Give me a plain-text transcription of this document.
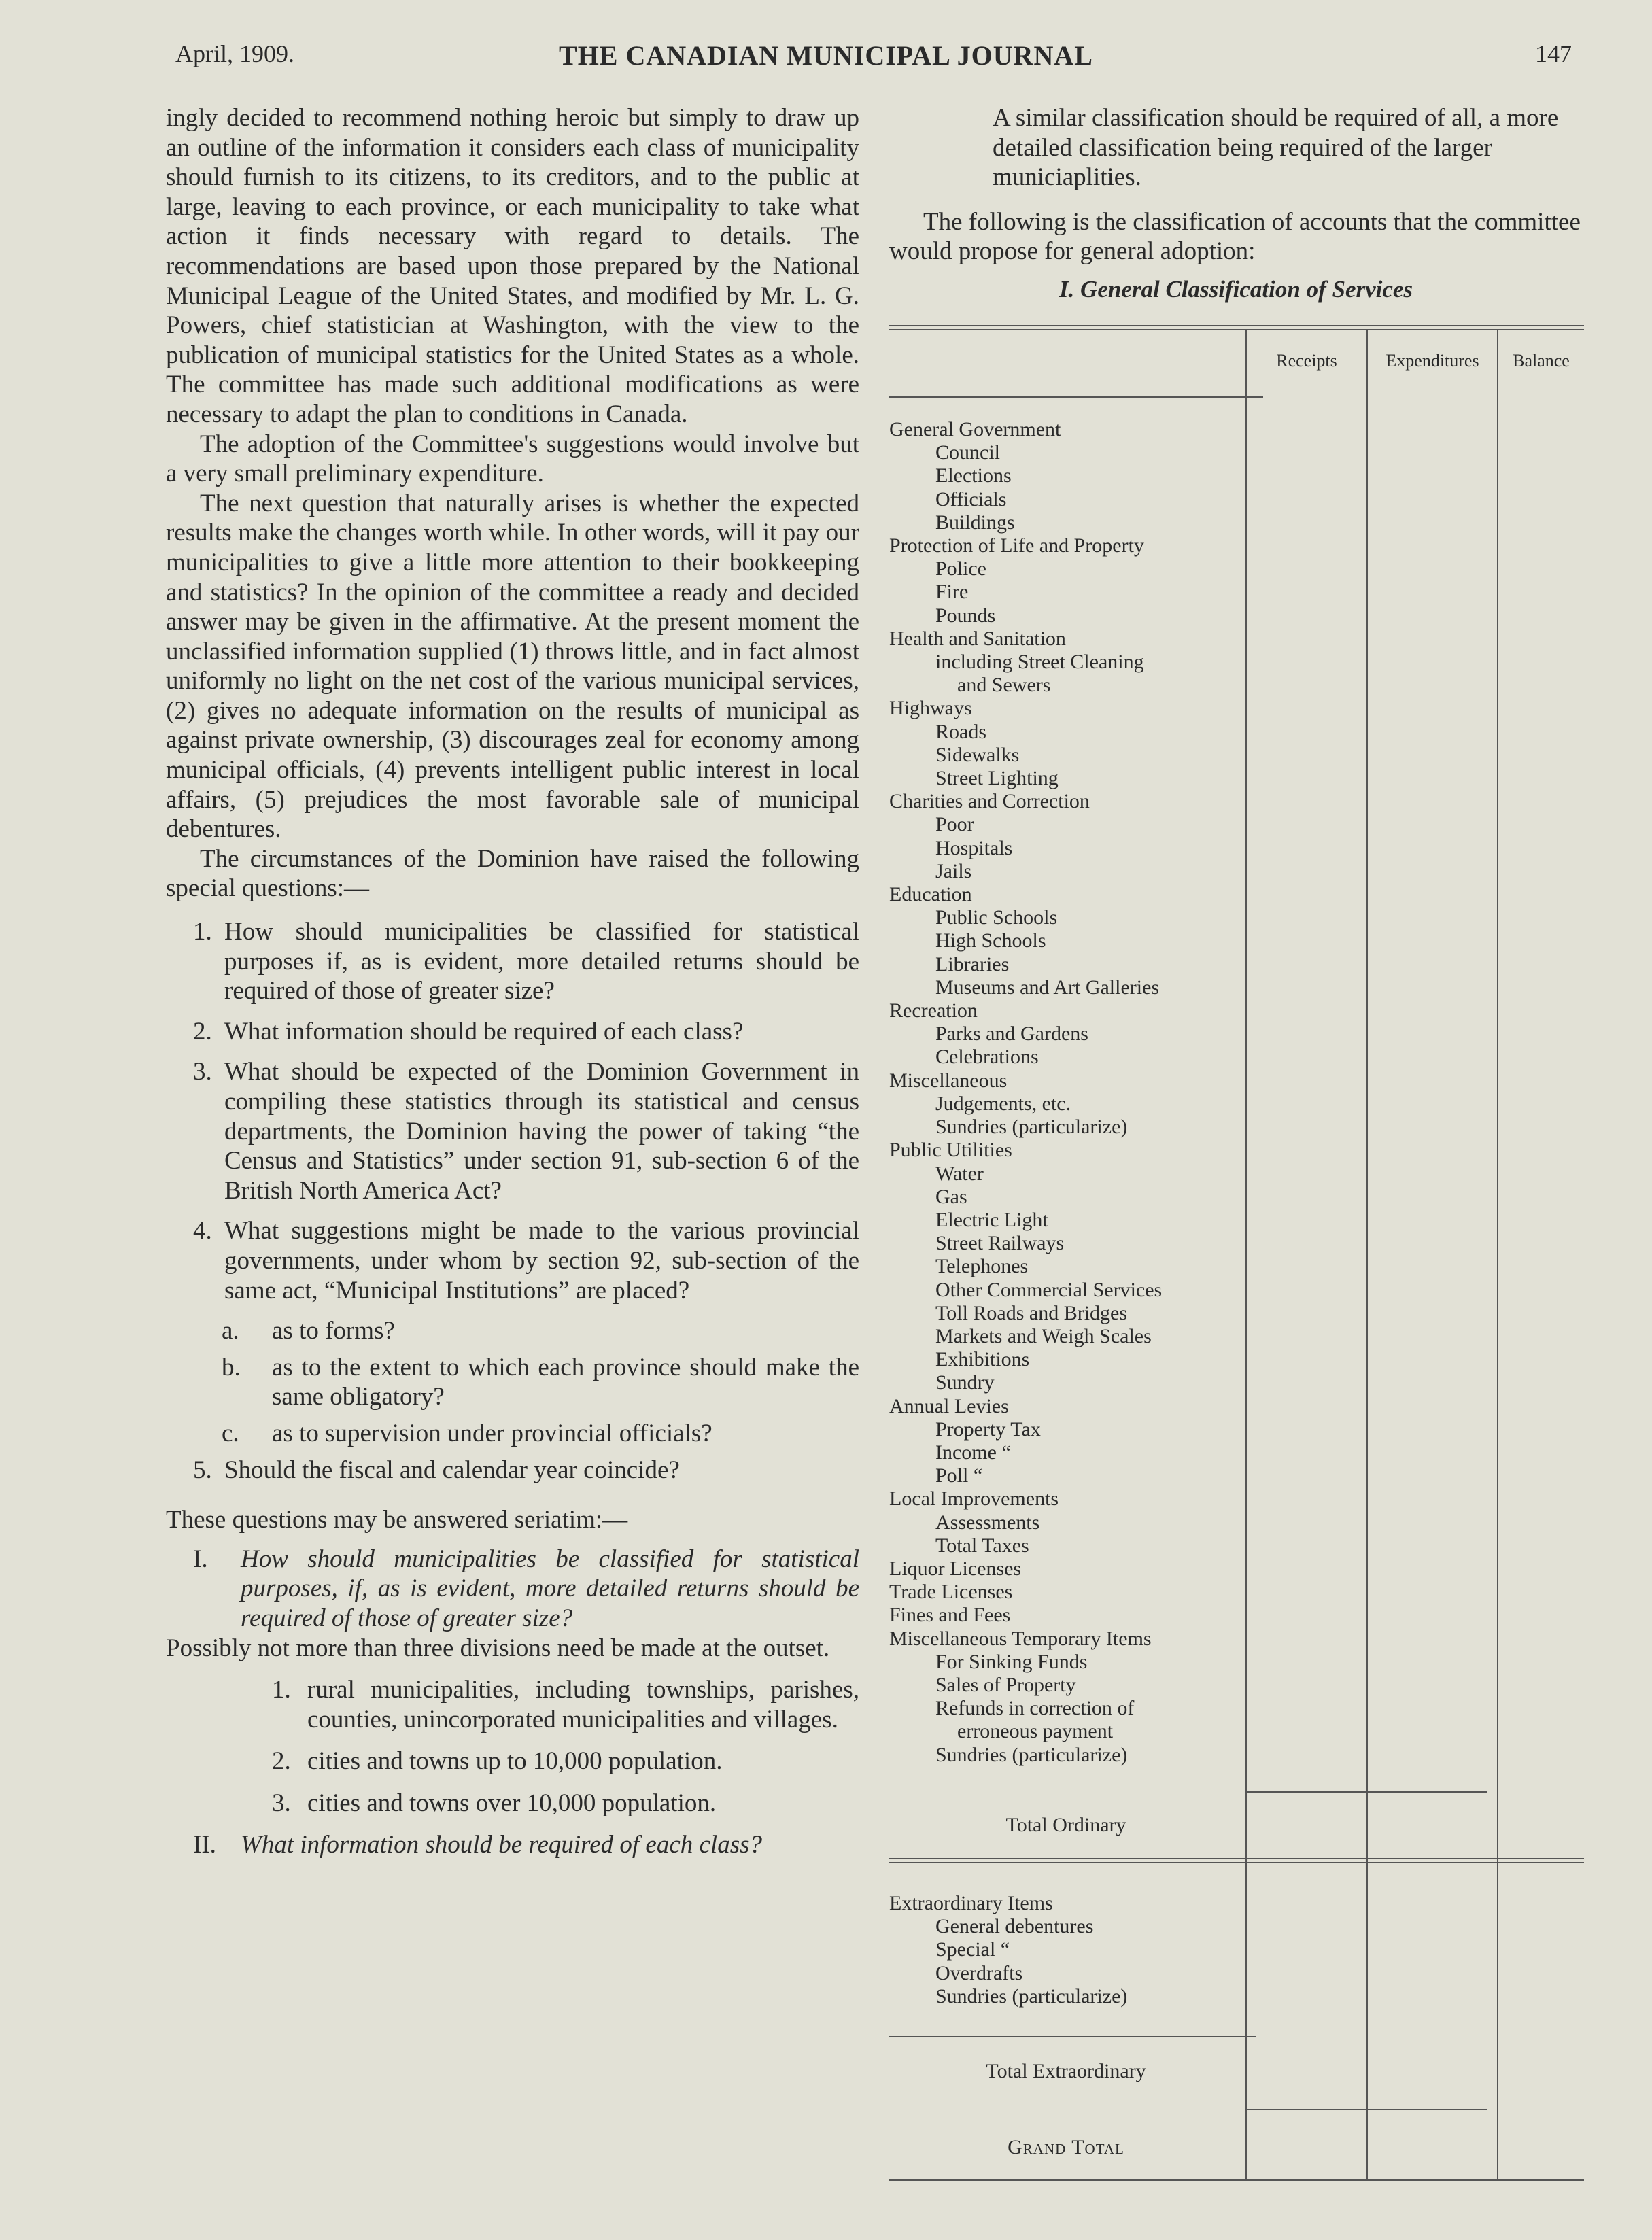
THE CANADIAN MUNICIPAL JOURNAL
April, 1909.	147

ingly decided to recommend nothing heroic but simply to draw up an outline of the information it considers each class of municipality should furnish to its citizens, to its creditors, and to the public at large, leaving to each province, or each municipality to take what action it finds necessary with regard to details. The recommendations are based upon those prepared by the National Municipal League of the United States, and modified by Mr. L. G. Powers, chief statistician at Washington, with the view to the publication of municipal statistics for the United States as a whole. The committee has made such additional modifications as were necessary to adapt the plan to conditions in Canada.

The adoption of the Committee's suggestions would involve but a very small preliminary expenditure.

The next question that naturally arises is whether the expected results make the changes worth while. In other words, will it pay our municipalities to give a little more attention to their bookkeeping and statistics? In the opinion of the committee a ready and decided answer may be given in the affirmative. At the present moment the unclassified information supplied (1) throws little, and in fact almost uniformly no light on the net cost of the various municipal services, (2) gives no adequate information on the results of municipal as against private ownership, (3) discourages zeal for economy among municipal officials, (4) prevents intelligent public interest in local affairs, (5) prejudices the most favorable sale of municipal debentures.

The circumstances of the Dominion have raised the following special questions:—

1. How should municipalities be classified for statistical purposes if, as is evident, more detailed returns should be required of those of greater size?
2. What information should be required of each class?
3. What should be expected of the Dominion Government in compiling these statistics through its statistical and census departments, the Dominion having the power of taking “the Census and Statistics” under section 91, sub-section 6 of the British North America Act?
4. What suggestions might be made to the various provincial governments, under whom by section 92, sub-section of the same act, “Municipal Institutions” are placed?
a.	as to forms?
b.	as to the extent to which each province should make the same obligatory?
c.	as to supervision under provincial officials?
5. Should the fiscal and calendar year coincide?

These questions may be answered seriatim:—

I.	How should municipalities be classified for statistical purposes, if, as is evident, more detailed returns should be required of those of greater size?

Possibly not more than three divisions need be made at the outset.

1. rural municipalities, including townships, parishes, counties, unincorporated municipalities and villages.
2. cities and towns up to 10,000 population.
3. cities and towns over 10,000 population.
II. What information should be required of each class?

A similar classification should be required of all, a more detailed classification being required of the larger municiaplities.

The following is the classification of accounts that the committee would propose for general adoption:

I. General Classification of Services

Receipts	Expenditures	Balance
General Government
Council
Elections
Officials
Buildings
Protection of Life and Property
Police
Fire
Pounds
Health and Sanitation
including Street Cleaning
and Sewers
Highways
Roads
Sidewalks
Street Lighting
Charities and Correction
Poor
Hospitals
Jails
Education
Public Schools
High Schools
Libraries
Museums and Art Galleries
Recreation
Parks and Gardens
Celebrations
Miscellaneous
Judgements, etc.
Sundries (particularize)
Public Utilities
Water
Gas
Electric Light
Street Railways
Telephones
Other Commercial Services
Toll Roads and Bridges
Markets and Weigh Scales
Exhibitions
Sundry
Annual Levies
Property Tax
Income “
Poll “
Local Improvements
Assessments
Total Taxes
Liquor Licenses
Trade Licenses
Fines and Fees
Miscellaneous Temporary Items
For Sinking Funds
Sales of Property
Refunds in correction of
erroneous payment
Sundries (particularize)
Total Ordinary
Extraordinary Items
General debentures
Special “
Overdrafts
Sundries (particularize)
Total Extraordinary
Grand Total
